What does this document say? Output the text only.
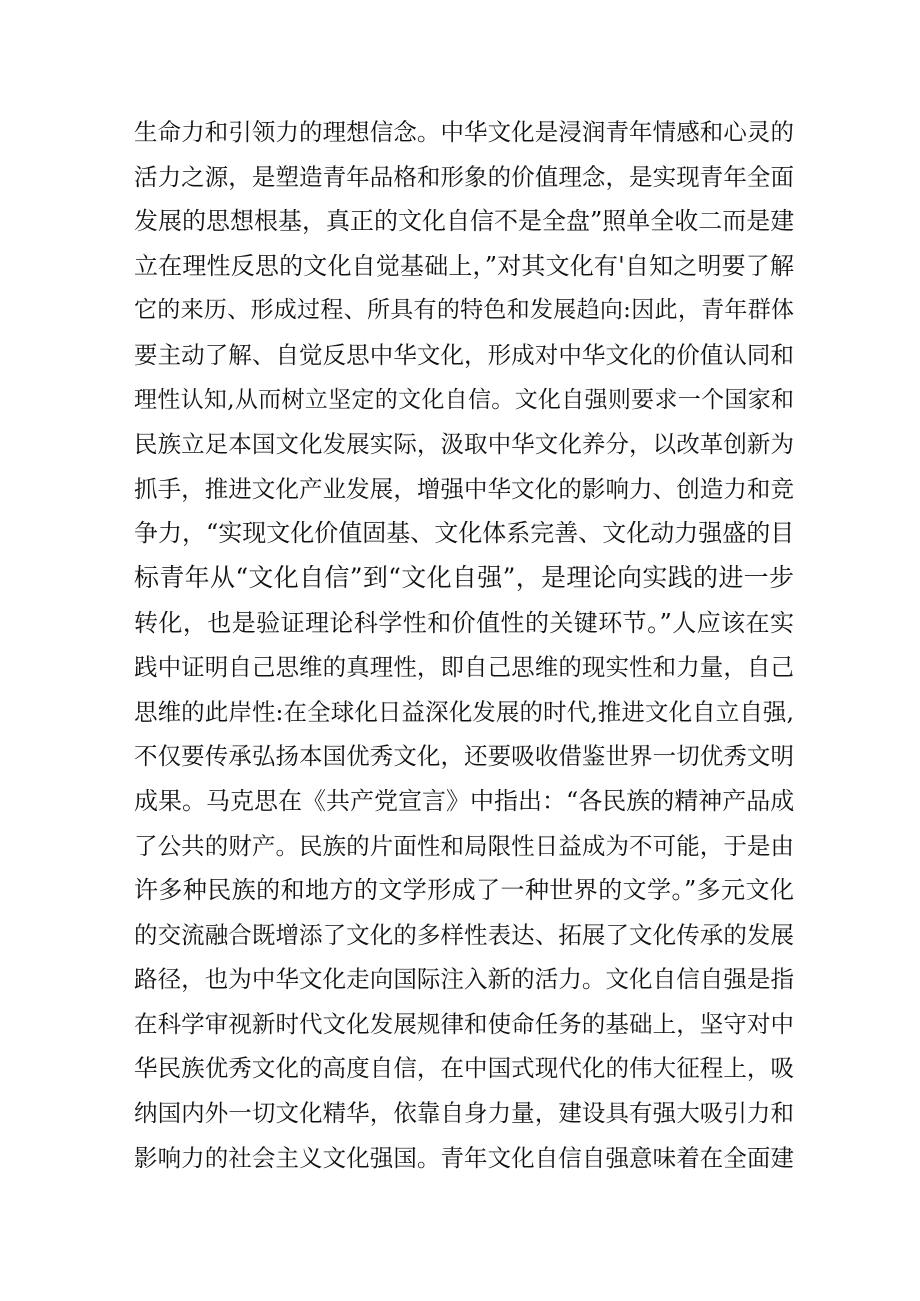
生命力和引领力的理想信念。中华文化是浸润青年情感和心灵的
活力之源，是塑造青年品格和形象的价值理念，是实现青年全面
发展的思想根基，真正的文化自信不是全盘”照单全收二而是建
立在理性反思的文化自觉基础上，”对其文化有'自知之明要了解
它的来历、形成过程、所具有的特色和发展趋向:因此，青年群体
要主动了解、自觉反思中华文化，形成对中华文化的价值认同和
理性认知,从而树立坚定的文化自信。文化自强则要求一个国家和
民族立足本国文化发展实际，汲取中华文化养分，以改革创新为
抓手，推进文化产业发展，增强中华文化的影响力、创造力和竞
争力，“实现文化价值固基、文化体系完善、文化动力强盛的目
标青年从“文化自信”到“文化自强”，是理论向实践的进一步
转化，也是验证理论科学性和价值性的关键环节。”人应该在实
践中证明自己思维的真理性，即自己思维的现实性和力量，自己
思维的此岸性:在全球化日益深化发展的时代,推进文化自立自强,
不仅要传承弘扬本国优秀文化，还要吸收借鉴世界一切优秀文明
成果。马克思在《共产党宣言》中指出：“各民族的精神产品成
了公共的财产。民族的片面性和局限性日益成为不可能，于是由
许多种民族的和地方的文学形成了一种世界的文学。”多元文化
的交流融合既增添了文化的多样性表达、拓展了文化传承的发展
路径，也为中华文化走向国际注入新的活力。文化自信自强是指
在科学审视新时代文化发展规律和使命任务的基础上，坚守对中
华民族优秀文化的高度自信，在中国式现代化的伟大征程上，吸
纳国内外一切文化精华，依靠自身力量，建设具有强大吸引力和
影响力的社会主义文化强国。青年文化自信自强意味着在全面建
